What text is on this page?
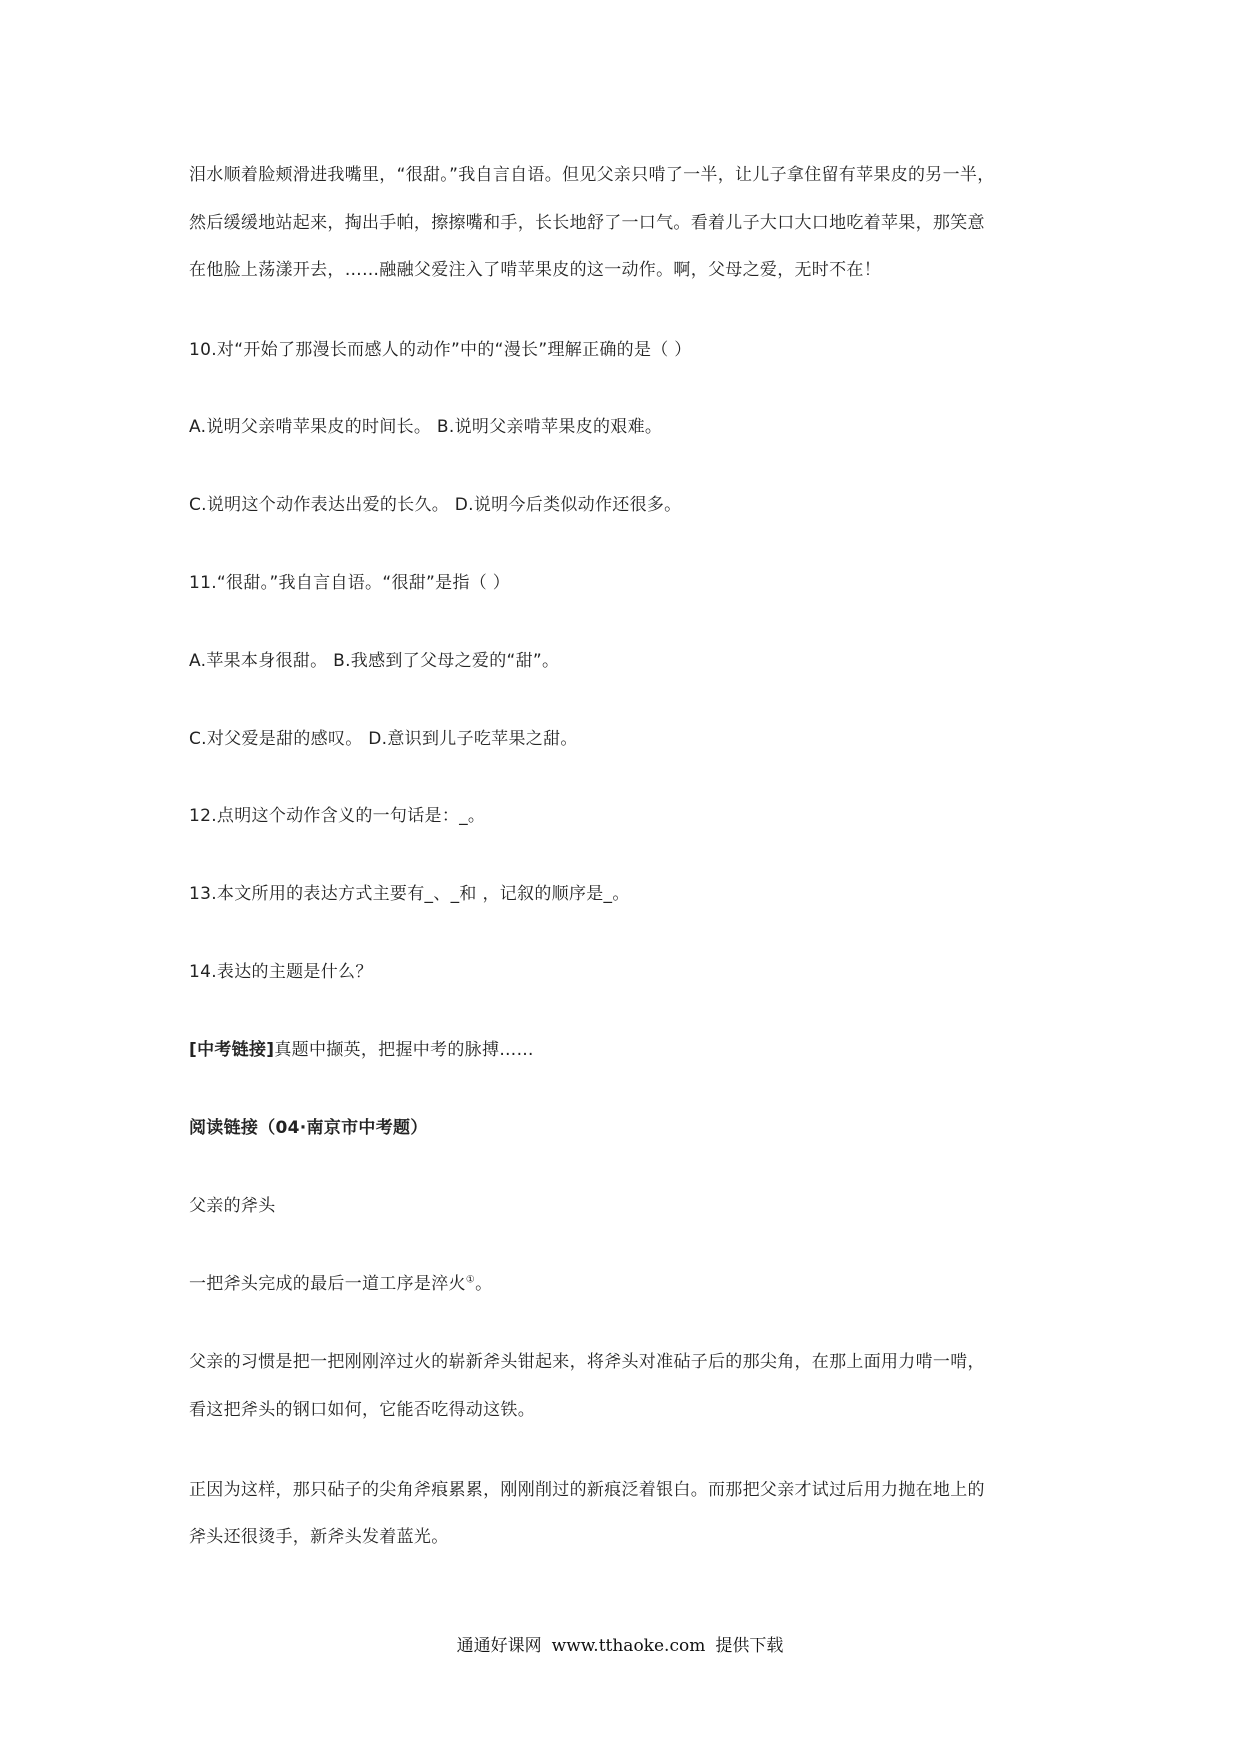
泪水顺着脸颊滑进我嘴里，“很甜。”我自言自语。但见父亲只啃了一半，让儿子拿住留有苹果皮的另一半，
然后缓缓地站起来，掏出手帕，擦擦嘴和手，长长地舒了一口气。看着儿子大口大口地吃着苹果，那笑意
在他脸上荡漾开去，……融融父爱注入了啃苹果皮的这一动作。啊，父母之爱，无时不在！
10.对“开始了那漫长而感人的动作”中的“漫长”理解正确的是（ ）
A.说明父亲啃苹果皮的时间长。 B.说明父亲啃苹果皮的艰难。
C.说明这个动作表达出爱的长久。 D.说明今后类似动作还很多。
11.“很甜。”我自言自语。“很甜”是指（ ）
A.苹果本身很甜。 B.我感到了父母之爱的“甜”。
C.对父爱是甜的感叹。 D.意识到儿子吃苹果之甜。
12.点明这个动作含义的一句话是：_。
13.本文所用的表达方式主要有_、_和 ，记叙的顺序是_。
14.表达的主题是什么？
[中考链接]真题中撷英，把握中考的脉搏……
阅读链接（04·南京市中考题）
父亲的斧头
一把斧头完成的最后一道工序是淬火①。
父亲的习惯是把一把刚刚淬过火的崭新斧头钳起来，将斧头对准砧子后的那尖角，在那上面用力啃一啃，
看这把斧头的钢口如何，它能否吃得动这铁。
正因为这样，那只砧子的尖角斧痕累累，刚刚削过的新痕泛着银白。而那把父亲才试过后用力抛在地上的
斧头还很烫手，新斧头发着蓝光。
通通好课网 www.tthaoke.com 提供下载
